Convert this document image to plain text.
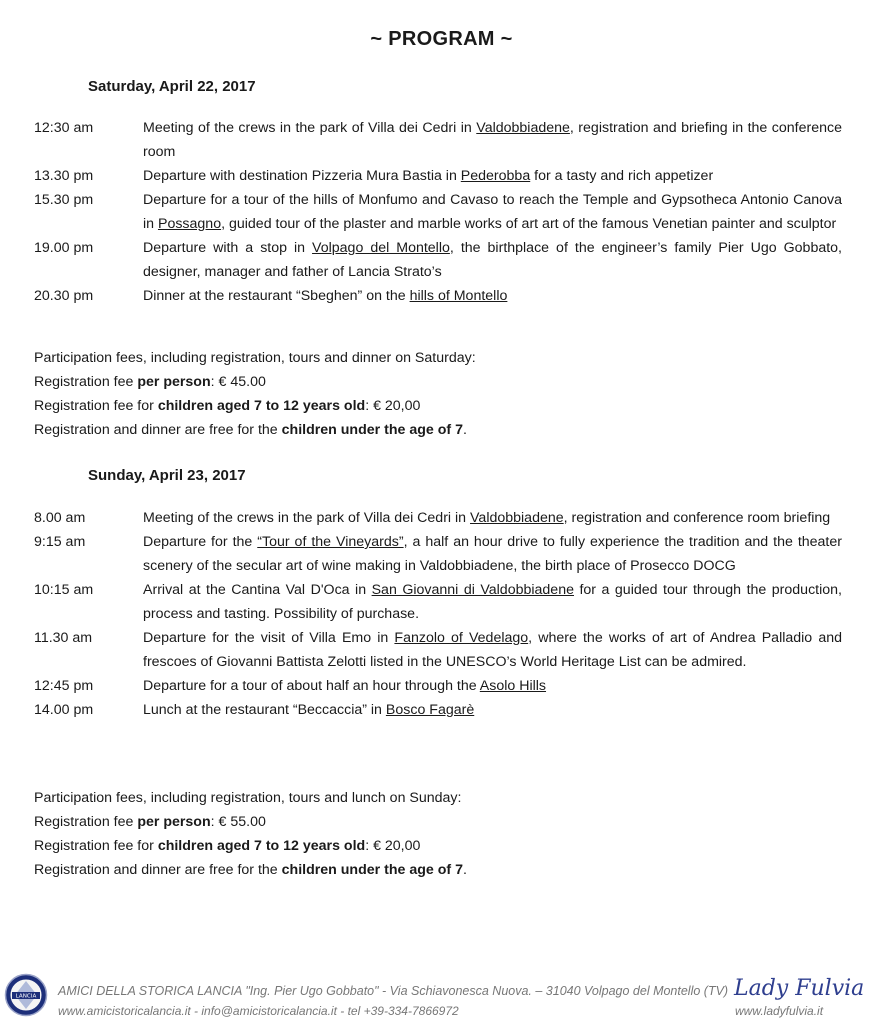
~ PROGRAM ~
Saturday, April 22, 2017
12:30 am	Meeting of the crews in the park of Villa dei Cedri in Valdobbiadene, registration and briefing in the conference room
13.30 pm	Departure with destination Pizzeria Mura Bastia in Pederobba for a tasty and rich appetizer
15.30 pm	Departure for a tour of the hills of Monfumo and Cavaso to reach the Temple and Gypsotheca Antonio Canova in Possagno, guided tour of the plaster and marble works of art art of the famous Venetian painter and sculptor
19.00 pm	Departure with a stop in Volpago del Montello, the birthplace of the engineer’s family Pier Ugo Gobbato, designer, manager and father of Lancia Strato’s
20.30 pm	Dinner at the restaurant “Sbeghen” on the hills of Montello

Participation fees, including registration, tours and dinner on Saturday:

Registration fee per person: € 45.00

Registration fee for children aged 7 to 12 years old: € 20,00

Registration and dinner are free for the children under the age of 7.

Sunday, April 23, 2017
8.00 am	Meeting of the crews in the park of Villa dei Cedri in Valdobbiadene, registration and conference room briefing
9:15 am	Departure for the “Tour of the Vineyards”, a half an hour drive to fully experience the tradition and the theater scenery of the secular art of wine making in Valdobbiadene, the birth place of Prosecco DOCG
10:15 am	Arrival at the Cantina Val D'Oca in San Giovanni di Valdobbiadene for a guided tour through the production, process and tasting. Possibility of purchase.
11.30 am	Departure for the visit of Villa Emo in Fanzolo of Vedelago, where the works of art of Andrea Palladio and frescoes of Giovanni Battista Zelotti listed in the UNESCO’s World Heritage List can be admired.
12:45 pm	Departure for a tour of about half an hour through the Asolo Hills
14.00 pm	Lunch at the restaurant “Beccaccia” in Bosco Fagarè

Participation fees, including registration, tours and lunch on Sunday:

Registration fee per person: € 55.00

Registration fee for children aged 7 to 12 years old: € 20,00

Registration and dinner are free for the children under the age of 7.

LANCIA AMICI DELLA STORICA LANCIA "Ing. Pier Ugo Gobbato" - Via Schiavonesca Nuova. – 31040 Volpago del Montello (TV)
www.amicistoricalancia.it - info@amicistoricalancia.it - tel +39-334-7866972
Lady Fulvia
www.ladyfulvia.it
